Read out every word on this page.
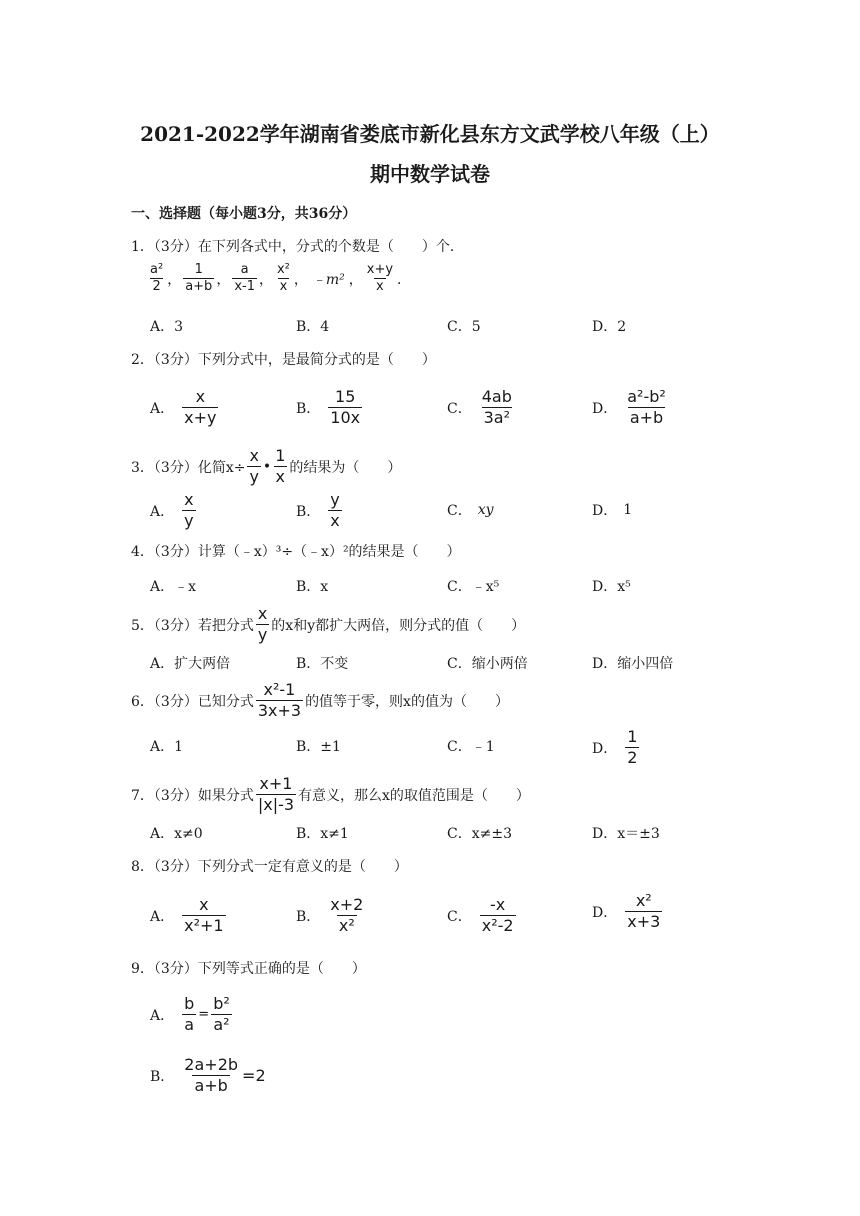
2021-2022学年湖南省娄底市新化县东方文武学校八年级（上）
期中数学试卷
一、选择题（每小题3分，共36分）
1．（3分）在下列各式中，分式的个数是（　　）个．
$\frac{\text{a²}}{2}$ ， $\frac{1}{a+b}$ ， $\frac{a}{x-1}$ ， $\frac{\text{x²}}{x}$ ， ﹣m² ， $\frac{x+y}{x}$ ．
A．3	B．4	C．5	D．2
2．（3分）下列分式中，是最简分式的是（　　）
A． $\frac{x}{x+y}$	B． $\frac{15}{10x}$	C． $\frac{4ab}{\text{3a²}}$	D． $\frac{\text{a²-b²}}{a+b}$
3．（3分）化简$x\div \frac{x}{y}$ • $\frac{1}{x}$ 的结果为（　　）
A． $\frac{x}{y}$	B． $\frac{y}{x}$	C． xy	D． 1
4．（3分）计算（﹣x）³÷（﹣x）²的结果是（　　）
A．﹣x	B．x	C．﹣x⁵	D．x⁵
5．（3分）若把分式 $\frac{x}{y}$ 的x和y都扩大两倍，则分式的值（　　）
A．扩大两倍	B．不变	C．缩小两倍	D．缩小四倍
6．（3分）已知分式 $\frac{\text{x²-1}}{3x+3}$ 的值等于零，则x的值为（　　）
A．1	B．±1	C．﹣1	D． $\frac{1}{2}$
7．（3分）如果分式 $\frac{x+1}{|x|-3}$ 有意义，那么x的取值范围是（　　）
A．x≠0	B．x≠1	C．x≠±3	D．x＝±3
8．（3分）下列分式一定有意义的是（　　）
A． $\frac{x}{\text{x²+1}}$	B． $\frac{x+2}{\text{x²}}$	C． $\frac{-x}{\text{x²-2}}$	D． $\frac{\text{x²}}{x+3}$
9．（3分）下列等式正确的是（　　）
A． $\frac{b}{a} = \frac{\text{b²}}{\text{a²}}$
B． $\frac{2a+2b}{a+b} =2$
